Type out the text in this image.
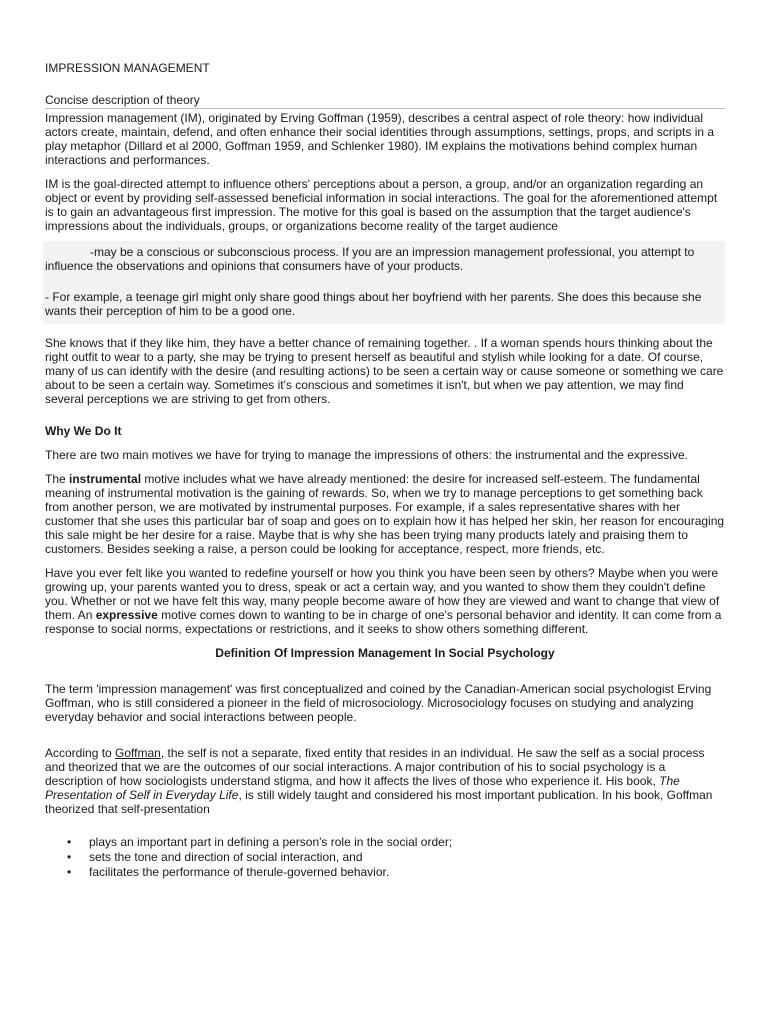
IMPRESSION MANAGEMENT

Concise description of theory

Impression management (IM), originated by Erving Goffman (1959), describes a central aspect of role theory: how individual actors create, maintain, defend, and often enhance their social identities through assumptions, settings, props, and scripts in a play metaphor (Dillard et al 2000, Goffman 1959, and Schlenker 1980). IM explains the motivations behind complex human interactions and performances.

IM is the goal-directed attempt to influence others' perceptions about a person, a group, and/or an organization regarding an object or event by providing self-assessed beneficial information in social interactions. The goal for the aforementioned attempt is to gain an advantageous first impression. The motive for this goal is based on the assumption that the target audience's impressions about the individuals, groups, or organizations become reality of the target audience

-may be a conscious or subconscious process. If you are an impression management professional, you attempt to influence the observations and opinions that consumers have of your products.

- For example, a teenage girl might only share good things about her boyfriend with her parents. She does this because she wants their perception of him to be a good one.

She knows that if they like him, they have a better chance of remaining together. . If a woman spends hours thinking about the right outfit to wear to a party, she may be trying to present herself as beautiful and stylish while looking for a date. Of course, many of us can identify with the desire (and resulting actions) to be seen a certain way or cause someone or something we care about to be seen a certain way. Sometimes it's conscious and sometimes it isn't, but when we pay attention, we may find several perceptions we are striving to get from others.

Why We Do It

There are two main motives we have for trying to manage the impressions of others: the instrumental and the expressive.

The instrumental motive includes what we have already mentioned: the desire for increased self-esteem. The fundamental meaning of instrumental motivation is the gaining of rewards. So, when we try to manage perceptions to get something back from another person, we are motivated by instrumental purposes. For example, if a sales representative shares with her customer that she uses this particular bar of soap and goes on to explain how it has helped her skin, her reason for encouraging this sale might be her desire for a raise. Maybe that is why she has been trying many products lately and praising them to customers. Besides seeking a raise, a person could be looking for acceptance, respect, more friends, etc.

Have you ever felt like you wanted to redefine yourself or how you think you have been seen by others? Maybe when you were growing up, your parents wanted you to dress, speak or act a certain way, and you wanted to show them they couldn't define you. Whether or not we have felt this way, many people become aware of how they are viewed and want to change that view of them. An expressive motive comes down to wanting to be in charge of one's personal behavior and identity. It can come from a response to social norms, expectations or restrictions, and it seeks to show others something different.

Definition Of Impression Management In Social Psychology

The term 'impression management' was first conceptualized and coined by the Canadian-American social psychologist Erving Goffman, who is still considered a pioneer in the field of microsociology. Microsociology focuses on studying and analyzing everyday behavior and social interactions between people.

According to Goffman, the self is not a separate, fixed entity that resides in an individual. He saw the self as a social process and theorized that we are the outcomes of our social interactions. A major contribution of his to social psychology is a description of how sociologists understand stigma, and how it affects the lives of those who experience it. His book, The Presentation of Self in Everyday Life, is still widely taught and considered his most important publication. In his book, Goffman theorized that self-presentation

• plays an important part in defining a person's role in the social order;
• sets the tone and direction of social interaction, and
• facilitates the performance of therule-governed behavior.
